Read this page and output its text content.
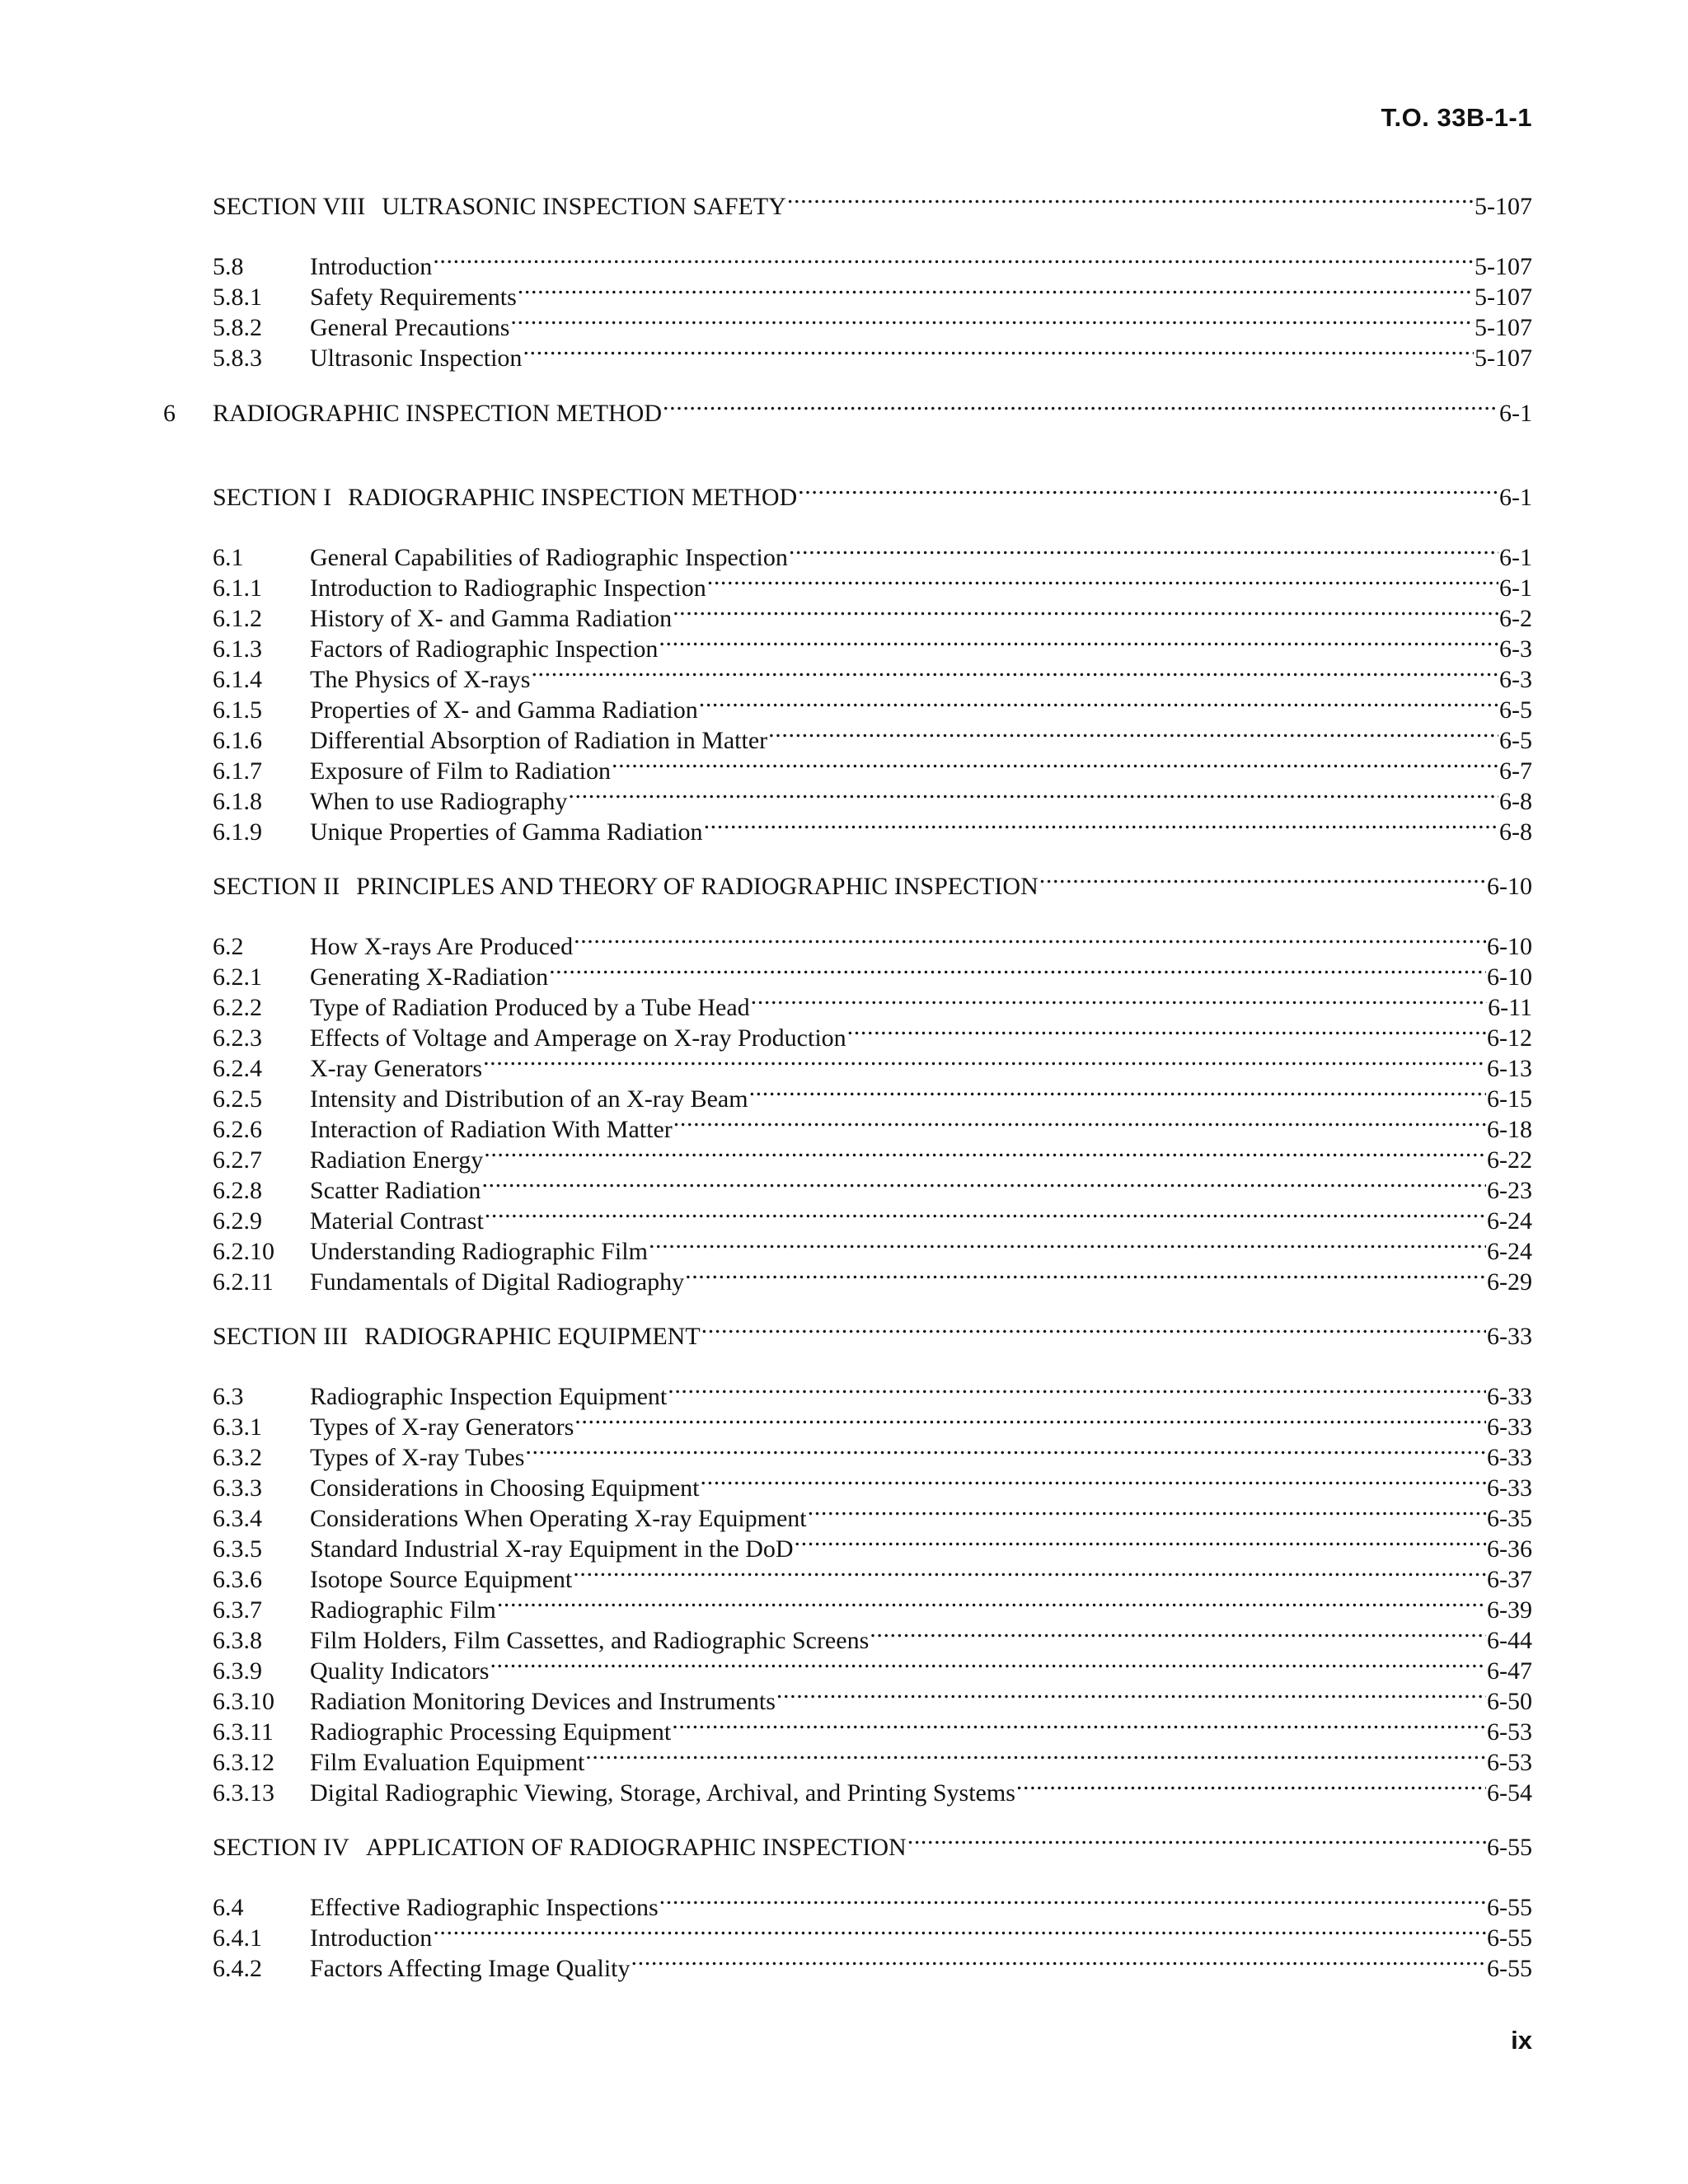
T.O. 33B-1-1
SECTION VIII ULTRASONIC INSPECTION SAFETY .....	5-107
5.8	Introduction .....	5-107
5.8.1	Safety Requirements .....	5-107
5.8.2	General Precautions .....	5-107
5.8.3	Ultrasonic Inspection .....	5-107
6	RADIOGRAPHIC INSPECTION METHOD .....	6-1
SECTION I RADIOGRAPHIC INSPECTION METHOD .....	6-1
6.1	General Capabilities of Radiographic Inspection .....	6-1
6.1.1	Introduction to Radiographic Inspection .....	6-1
6.1.2	History of X- and Gamma Radiation .....	6-2
6.1.3	Factors of Radiographic Inspection .....	6-3
6.1.4	The Physics of X-rays .....	6-3
6.1.5	Properties of X- and Gamma Radiation .....	6-5
6.1.6	Differential Absorption of Radiation in Matter .....	6-5
6.1.7	Exposure of Film to Radiation .....	6-7
6.1.8	When to use Radiography .....	6-8
6.1.9	Unique Properties of Gamma Radiation .....	6-8
SECTION II PRINCIPLES AND THEORY OF RADIOGRAPHIC INSPECTION .....	6-10
6.2	How X-rays Are Produced .....	6-10
6.2.1	Generating X-Radiation .....	6-10
6.2.2	Type of Radiation Produced by a Tube Head .....	6-11
6.2.3	Effects of Voltage and Amperage on X-ray Production .....	6-12
6.2.4	X-ray Generators .....	6-13
6.2.5	Intensity and Distribution of an X-ray Beam .....	6-15
6.2.6	Interaction of Radiation With Matter .....	6-18
6.2.7	Radiation Energy .....	6-22
6.2.8	Scatter Radiation .....	6-23
6.2.9	Material Contrast .....	6-24
6.2.10	Understanding Radiographic Film .....	6-24
6.2.11	Fundamentals of Digital Radiography .....	6-29
SECTION III RADIOGRAPHIC EQUIPMENT .....	6-33
6.3	Radiographic Inspection Equipment .....	6-33
6.3.1	Types of X-ray Generators .....	6-33
6.3.2	Types of X-ray Tubes .....	6-33
6.3.3	Considerations in Choosing Equipment .....	6-33
6.3.4	Considerations When Operating X-ray Equipment .....	6-35
6.3.5	Standard Industrial X-ray Equipment in the DoD .....	6-36
6.3.6	Isotope Source Equipment .....	6-37
6.3.7	Radiographic Film .....	6-39
6.3.8	Film Holders, Film Cassettes, and Radiographic Screens .....	6-44
6.3.9	Quality Indicators .....	6-47
6.3.10	Radiation Monitoring Devices and Instruments .....	6-50
6.3.11	Radiographic Processing Equipment .....	6-53
6.3.12	Film Evaluation Equipment .....	6-53
6.3.13	Digital Radiographic Viewing, Storage, Archival, and Printing Systems .....	6-54
SECTION IV APPLICATION OF RADIOGRAPHIC INSPECTION .....	6-55
6.4	Effective Radiographic Inspections .....	6-55
6.4.1	Introduction .....	6-55
6.4.2	Factors Affecting Image Quality .....	6-55
ix
